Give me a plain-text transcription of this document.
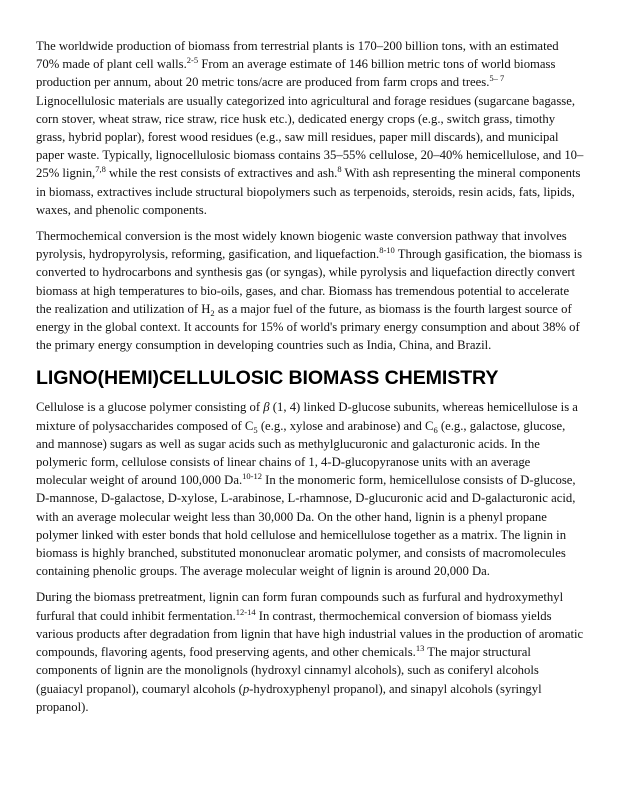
The worldwide production of biomass from terrestrial plants is 170–200 billion tons, with an estimated 70% made of plant cell walls.$^{2-5}$ From an average estimate of 146 billion metric tons of world biomass production per annum, about 20 metric tons/acre are produced from farm crops and trees.$^{5- 7}$ Lignocellulosic materials are usually categorized into agricultural and forage residues (sugarcane bagasse, corn stover, wheat straw, rice straw, rice husk etc.), dedicated energy crops (e.g., switch grass, timothy grass, hybrid poplar), forest wood residues (e.g., saw mill residues, paper mill discards), and municipal paper waste. Typically, lignocellulosic biomass contains 35–55% cellulose, 20–40% hemicellulose, and 10–25% lignin,$^{7,8}$ while the rest consists of extractives and ash.$^8$ With ash representing the mineral components in biomass, extractives include structural biopolymers such as terpenoids, steroids, resin acids, fats, lipids, waxes, and phenolic components.

Thermochemical conversion is the most widely known biogenic waste conversion pathway that involves pyrolysis, hydropyrolysis, reforming, gasification, and liquefaction.$^{8-10}$ Through gasification, the biomass is converted to hydrocarbons and synthesis gas (or syngas), while pyrolysis and liquefaction directly convert biomass at high temperatures to bio-oils, gases, and char. Biomass has tremendous potential to accelerate the realization and utilization of $H_2$ as a major fuel of the future, as biomass is the fourth largest source of energy in the global context. It accounts for 15% of world's primary energy consumption and about 38% of the primary energy consumption in developing countries such as India, China, and Brazil.

LIGNO(HEMI)CELLULOSIC BIOMASS CHEMISTRY

Cellulose is a glucose polymer consisting of β (1, 4) linked D-glucose subunits, whereas hemicellulose is a mixture of polysaccharides composed of $C_5$ (e.g., xylose and arabinose) and $C_6$ (e.g., galactose, glucose, and mannose) sugars as well as sugar acids such as methylglucuronic and galacturonic acids. In the polymeric form, cellulose consists of linear chains of 1, 4-D-glucopyranose units with an average molecular weight of around 100,000 Da.$^{10-12}$ In the monomeric form, hemicellulose consists of D-glucose, D-mannose, D-galactose, D-xylose, L-arabinose, L-rhamnose, D-glucuronic acid and D-galacturonic acid, with an average molecular weight less than 30,000 Da. On the other hand, lignin is a phenyl propane polymer linked with ester bonds that hold cellulose and hemicellulose together as a matrix. The lignin in biomass is highly branched, substituted mononuclear aromatic polymer, and consists of macromolecules containing phenolic groups. The average molecular weight of lignin is around 20,000 Da.

During the biomass pretreatment, lignin can form furan compounds such as furfural and hydroxymethyl furfural that could inhibit fermentation.$^{12-14}$ In contrast, thermochemical conversion of biomass yields various products after degradation from lignin that have high industrial values in the production of aromatic compounds, flavoring agents, food preserving agents, and other chemicals.$^{13}$ The major structural components of lignin are the monolignols (hydroxyl cinnamyl alcohols), such as coniferyl alcohols (guaiacyl propanol), coumaryl alcohols (p-hydroxyphenyl propanol), and sinapyl alcohols (syringyl propanol).
